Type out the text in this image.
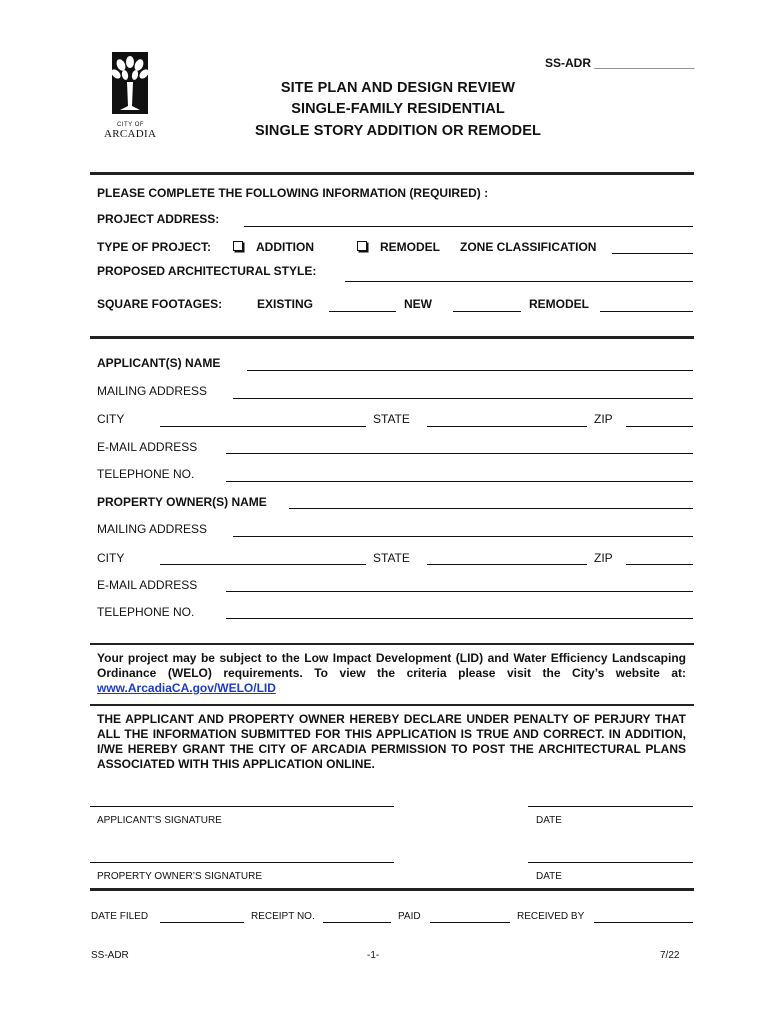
SS-ADR _______________
CITY OF
ARCADIA
SITE PLAN AND DESIGN REVIEW
SINGLE-FAMILY RESIDENTIAL
SINGLE STORY ADDITION OR REMODEL
PLEASE COMPLETE THE FOLLOWING INFORMATION (REQUIRED) :
PROJECT ADDRESS:
TYPE OF PROJECT:	ADDITION	REMODEL ZONE CLASSIFICATION
PROPOSED ARCHITECTURAL STYLE:
SQUARE FOOTAGES:	EXISTING	NEW	REMODEL
APPLICANT(S) NAME
MAILING ADDRESS
CITY	STATE	ZIP
E-MAIL ADDRESS
TELEPHONE NO.
PROPERTY OWNER(S) NAME
MAILING ADDRESS
CITY	STATE	ZIP
E-MAIL ADDRESS
TELEPHONE NO.
Your project may be subject to the Low Impact Development (LID) and Water Efficiency Landscaping Ordinance (WELO) requirements. To view the criteria please visit the City’s website at: www.ArcadiaCA.gov/WELO/LID
THE APPLICANT AND PROPERTY OWNER HEREBY DECLARE UNDER PENALTY OF PERJURY THAT ALL THE INFORMATION SUBMITTED FOR THIS APPLICATION IS TRUE AND CORRECT. IN ADDITION, I/WE HEREBY GRANT THE CITY OF ARCADIA PERMISSION TO POST THE ARCHITECTURAL PLANS ASSOCIATED WITH THIS APPLICATION ONLINE.
APPLICANT’S SIGNATURE	DATE
PROPERTY OWNER’S SIGNATURE	DATE
DATE FILED	RECEIPT NO.	PAID	RECEIVED BY
SS-ADR	-1-	7/22
